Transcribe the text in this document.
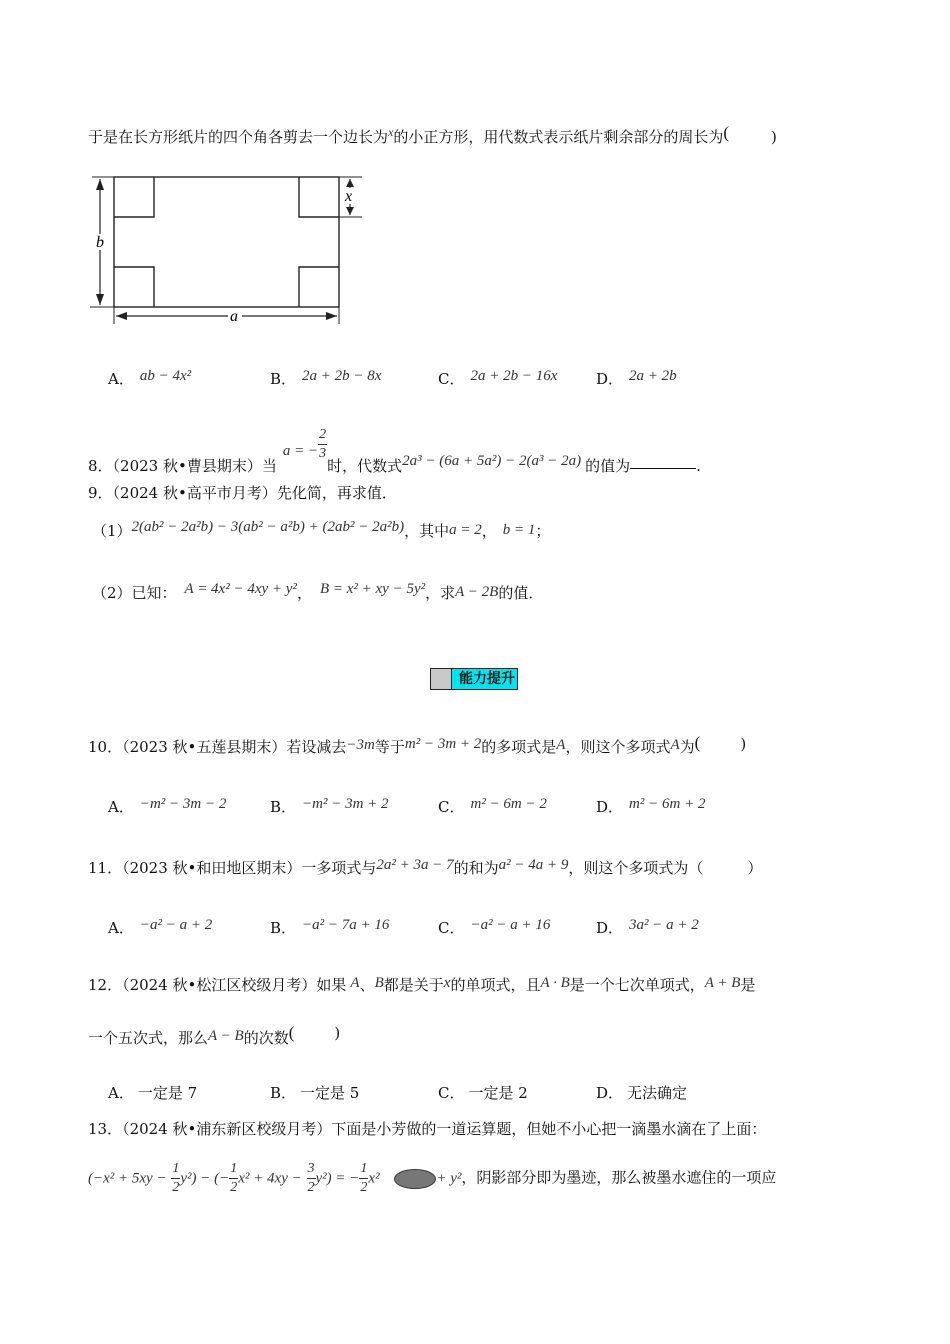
于是在长方形纸片的四个角各剪去一个边长为$^x$的小正方形，用代数式表示纸片剩余部分的周长为(	)
b
x
a
A． ab − 4x²	B． 2a + 2b − 8x	C． 2a + 2b − 16x	D． 2a + 2b
8．（2023 秋•曹县期末）当a = − $\frac{2}{3}$
时，代数式2a³ − (6a + 5a²) − 2(a³ − 2a) 的值为	.
9．（2024 秋•高平市月考）先化简，再求值．
（1）2(ab² − 2a²b) − 3(ab² − a²b) + (2ab² − 2a²b)，其中a = 2， b = 1；
（2）已知： A = 4x² − 4xy + y²， B = x² + xy − 5y²，求A − 2B的值．
能力提升
10．（2023 秋•五莲县期末）若设减去−3m等于m² − 3m + 2的多项式是A，则这个多项式A为(	)
A． −m² − 3m − 2	B． −m² − 3m + 2	C． m² − 6m − 2	D． m² − 6m + 2
11．（2023 秋•和田地区期末）一多项式与2a² + 3a − 7的和为a² − 4a + 9，则这个多项式为（	）
A． −a² − a + 2	B． −a² − 7a + 16	C． −a² − a + 16	D． 3a² − a + 2
12．（2024 秋•松江区校级月考）如果 A、B都是关于x的单项式，且A · B是一个七次单项式，A + B是
一个五次式，那么A − B的次数(	)
A． 一定是 7	B． 一定是 5	C． 一定是 2	D． 无法确定
13．（2024 秋•浦东新区校级月考）下面是小芳做的一道运算题，但她不小心把一滴墨水滴在了上面：
$(-x^2 + 5xy - \frac{1}{2} y^2)$ − (− $\frac{1}{2} x^2 + 4xy - \frac{3}{2} y^2$) = − $\frac{1}{2} x^2$	+ y²，阴影部分即为墨迹，那么被墨水遮住的一项应
